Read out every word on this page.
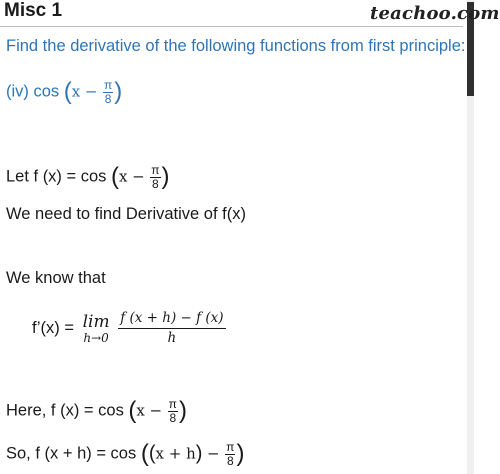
Misc 1	teachoo.com
Find the derivative of the following functions from first principle:
(iv) $\cos (x - \frac{\pi}{8}$ )
Let f $(x) = \cos (x - \frac{\pi}{8}$ )
We need to find Derivative of f(x)
We know that
f’(x) = lim
h→0
$\frac{f (x + h) - f (x)}{h}$
Here, f $(x) = \cos (x - \frac{\pi}{8}$ )
So, f $(x + h) = \cos ((x + h) - \frac{\pi}{8}$ )
